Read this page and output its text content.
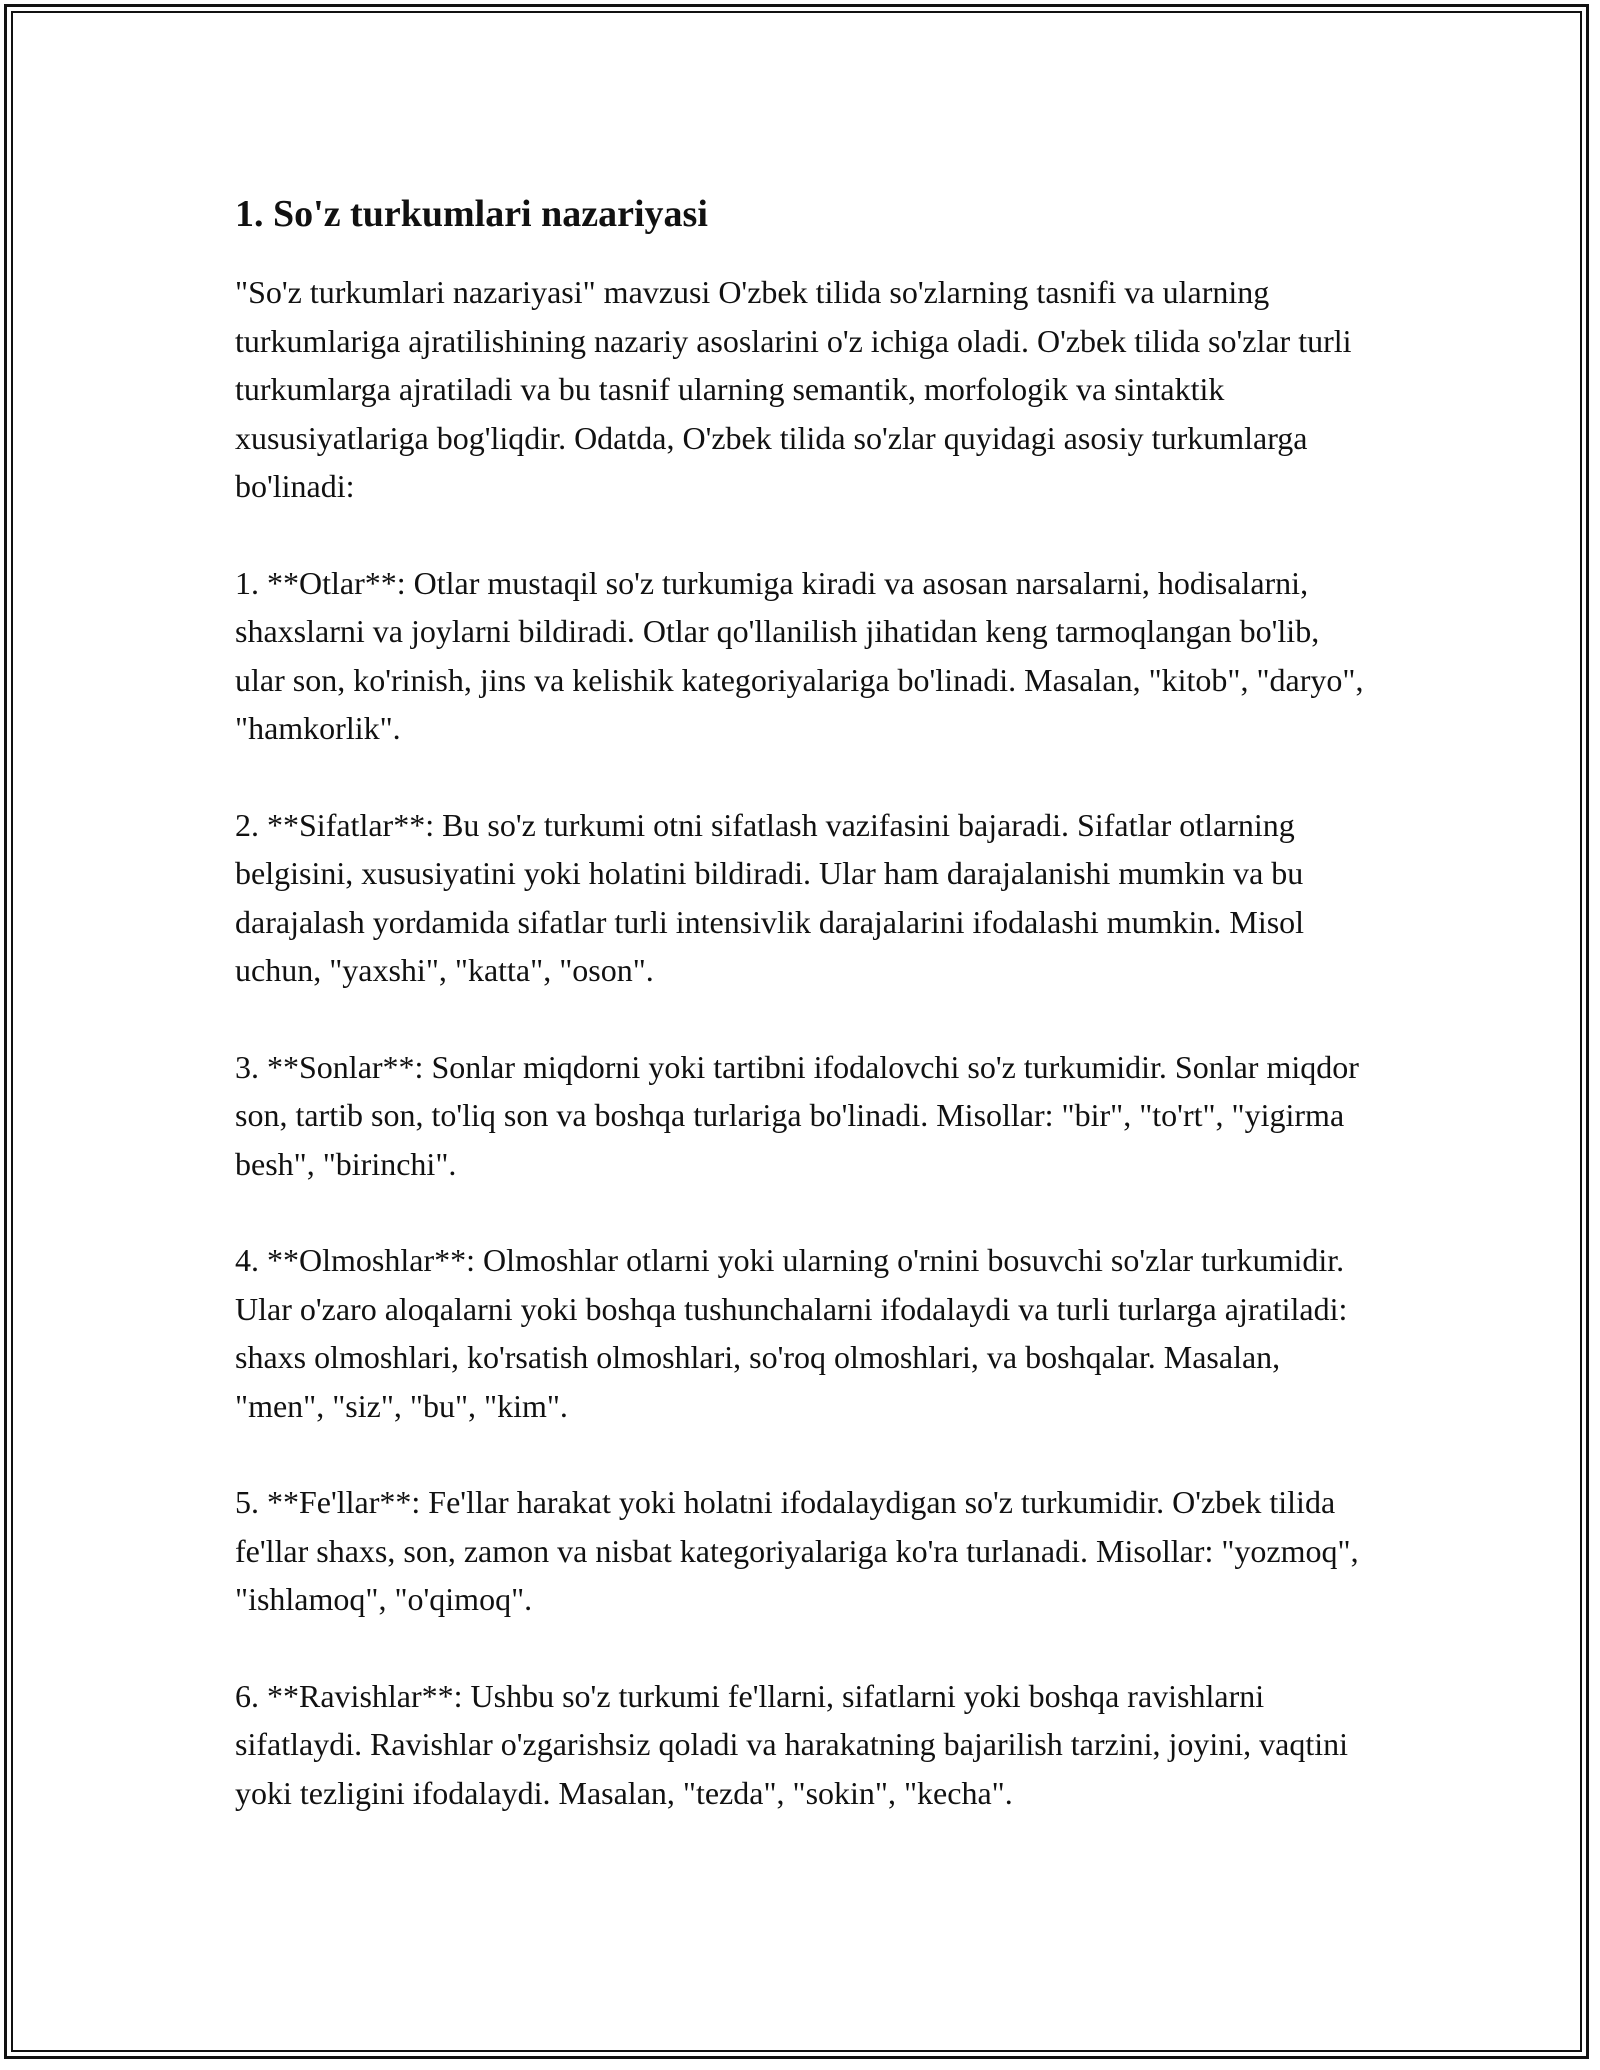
1. So'z turkumlari nazariyasi

"So'z turkumlari nazariyasi" mavzusi O'zbek tilida so'zlarning tasnifi va ularning turkumlariga ajratilishining nazariy asoslarini o'z ichiga oladi. O'zbek tilida so'zlar turli turkumlarga ajratiladi va bu tasnif ularning semantik, morfologik va sintaktik xususiyatlariga bog'liqdir. Odatda, O'zbek tilida so'zlar quyidagi asosiy turkumlarga bo'linadi:

1. **Otlar**: Otlar mustaqil so'z turkumiga kiradi va asosan narsalarni, hodisalarni, shaxslarni va joylarni bildiradi. Otlar qo'llanilish jihatidan keng tarmoqlangan bo'lib, ular son, ko'rinish, jins va kelishik kategoriyalariga bo'linadi. Masalan, "kitob", "daryo", "hamkorlik".

2. **Sifatlar**: Bu so'z turkumi otni sifatlash vazifasini bajaradi. Sifatlar otlarning belgisini, xususiyatini yoki holatini bildiradi. Ular ham darajalanishi mumkin va bu darajalash yordamida sifatlar turli intensivlik darajalarini ifodalashi mumkin. Misol uchun, "yaxshi", "katta", "oson".

3. **Sonlar**: Sonlar miqdorni yoki tartibni ifodalovchi so'z turkumidir. Sonlar miqdor son, tartib son, to'liq son va boshqa turlariga bo'linadi. Misollar: "bir", "to'rt", "yigirma besh", "birinchi".

4. **Olmoshlar**: Olmoshlar otlarni yoki ularning o'rnini bosuvchi so'zlar turkumidir. Ular o'zaro aloqalarni yoki boshqa tushunchalarni ifodalaydi va turli turlarga ajratiladi: shaxs olmoshlari, ko'rsatish olmoshlari, so'roq olmoshlari, va boshqalar. Masalan, "men", "siz", "bu", "kim".

5. **Fe'llar**: Fe'llar harakat yoki holatni ifodalaydigan so'z turkumidir. O'zbek tilida fe'llar shaxs, son, zamon va nisbat kategoriyalariga ko'ra turlanadi. Misollar: "yozmoq", "ishlamoq", "o'qimoq".

6. **Ravishlar**: Ushbu so'z turkumi fe'llarni, sifatlarni yoki boshqa ravishlarni sifatlaydi. Ravishlar o'zgarishsiz qoladi va harakatning bajarilish tarzini, joyini, vaqtini yoki tezligini ifodalaydi. Masalan, "tezda", "sokin", "kecha".
